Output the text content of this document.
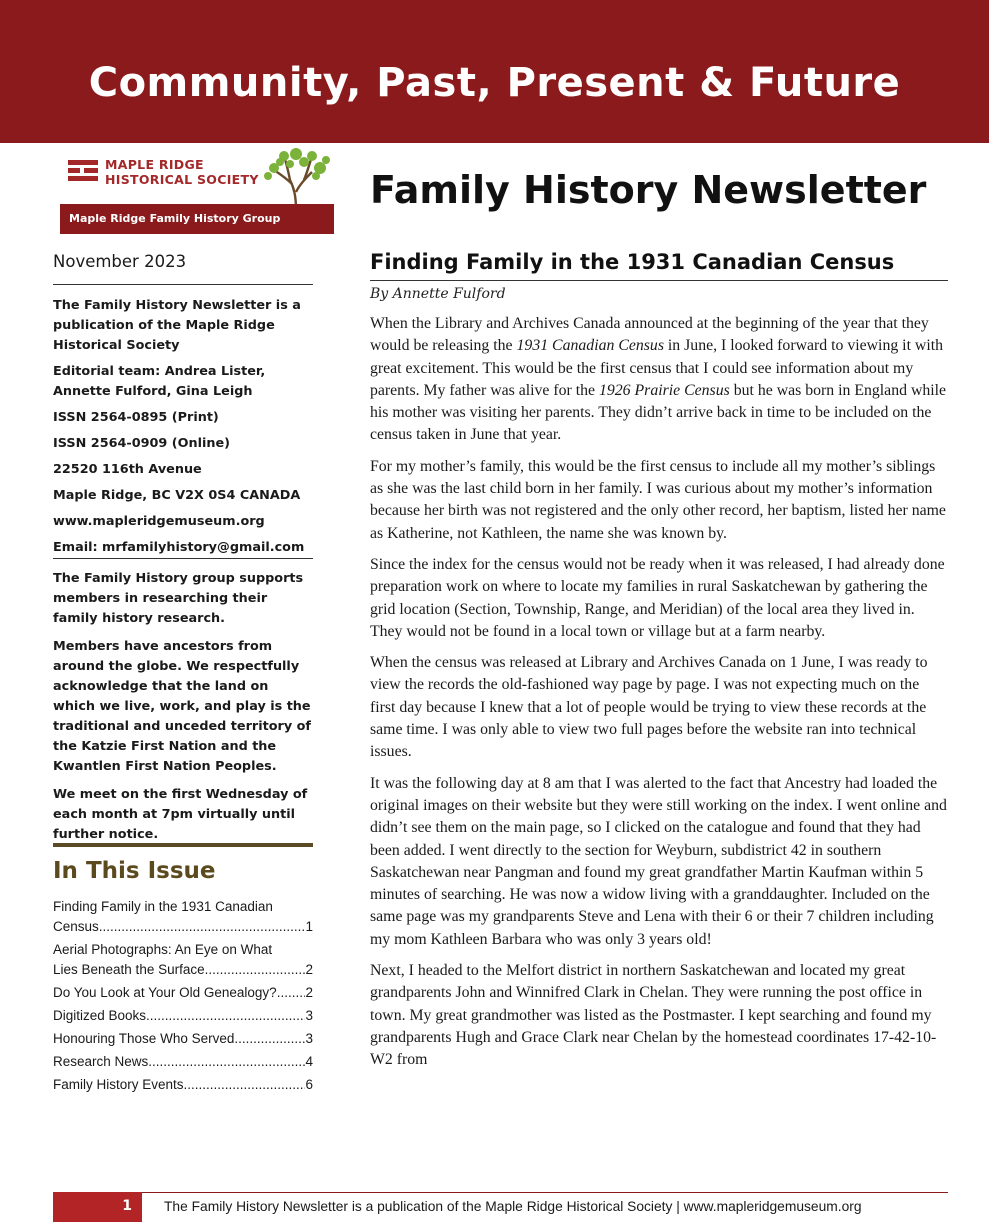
Community, Past, Present & Future
MAPLE RIDGE
HISTORICAL SOCIETY
Maple Ridge Family History Group
November 2023

The Family History Newsletter is a publication of the Maple Ridge Historical Society

Editorial team: Andrea Lister, Annette Fulford, Gina Leigh

ISSN 2564-0895 (Print)

ISSN 2564-0909 (Online)

22520 116th Avenue

Maple Ridge, BC V2X 0S4 CANADA

www.mapleridgemuseum.org

Email: mrfamilyhistory@gmail.com

The Family History group supports members in researching their family history research.

Members have ancestors from around the globe. We respectfully acknowledge that the land on which we live, work, and play is the traditional and unceded territory of the Katzie First Nation and the Kwantlen First Nation Peoples.

We meet on the first Wednesday of each month at 7pm virtually until further notice.

In This Issue
Finding Family in the 1931 Canadian
Census .....	1
Aerial Photographs: An Eye on What
Lies Beneath the Surface .....	2
Do You Look at Your Old Genealogy? ..... 2
Digitized Books .....	3
Honouring Those Who Served .....	3
Research News .....	4
Family History Events .....	6
Family History Newsletter
Finding Family in the 1931 Canadian Census
By Annette Fulford

When the Library and Archives Canada announced at the beginning of the year that they would be releasing the 1931 Canadian Census in June, I looked forward to viewing it with great excitement. This would be the first census that I could see information about my parents. My father was alive for the 1926 Prairie Census but he was born in England while his mother was visiting her parents. They didn’t arrive back in time to be included on the census taken in June that year.

For my mother’s family, this would be the first census to include all my mother’s siblings as she was the last child born in her family. I was curious about my mother’s information because her birth was not registered and the only other record, her baptism, listed her name as Katherine, not Kathleen, the name she was known by.

Since the index for the census would not be ready when it was released, I had already done preparation work on where to locate my families in rural Saskatchewan by gathering the grid location (Section, Township, Range, and Meridian) of the local area they lived in. They would not be found in a local town or village but at a farm nearby.

When the census was released at Library and Archives Canada on 1 June, I was ready to view the records the old-fashioned way page by page. I was not expecting much on the first day because I knew that a lot of people would be trying to view these records at the same time. I was only able to view two full pages before the website ran into technical issues.

It was the following day at 8 am that I was alerted to the fact that Ancestry had loaded the original images on their website but they were still working on the index. I went online and didn’t see them on the main page, so I clicked on the catalogue and found that they had been added. I went directly to the section for Weyburn, subdistrict 42 in southern Saskatchewan near Pangman and found my great grandfather Martin Kaufman within 5 minutes of searching. He was now a widow living with a granddaughter. Included on the same page was my grandparents Steve and Lena with their 6 or their 7 children including my mom Kathleen Barbara who was only 3 years old!

Next, I headed to the Melfort district in northern Saskatchewan and located my great grandparents John and Winnifred Clark in Chelan. They were running the post office in town. My great grandmother was listed as the Postmaster. I kept searching and found my grandparents Hugh and Grace Clark near Chelan by the homestead coordinates 17-42-10-W2 from

1	The Family History Newsletter is a publication of the Maple Ridge Historical Society | www.mapleridgemuseum.org
